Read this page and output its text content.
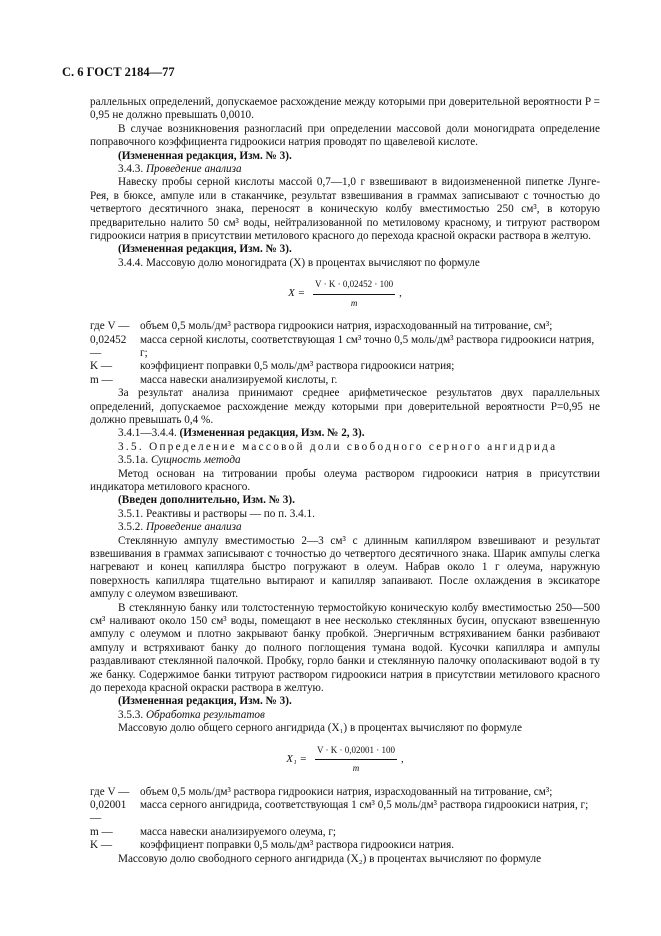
С. 6 ГОСТ 2184—77

раллельных определений, допускаемое расхождение между которыми при доверительной вероятности P = 0,95 не должно превышать 0,0010.

В случае возникновения разногласий при определении массовой доли моногидрата определение поправочного коэффициента гидроокиси натрия проводят по щавелевой кислоте.

(Измененная редакция, Изм. № 3).

3.4.3. Проведение анализа

Навеску пробы серной кислоты массой 0,7—1,0 г взвешивают в видоизмененной пипетке Лунге-Рея, в бюксе, ампуле или в стаканчике, результат взвешивания в граммах записывают с точностью до четвертого десятичного знака, переносят в коническую колбу вместимостью 250 см³, в которую предварительно налито 50 см³ воды, нейтрализованной по метиловому красному, и титруют раствором гидроокиси натрия в присутствии метилового красного до перехода красной окраски раствора в желтую.

(Измененная редакция, Изм. № 3).

3.4.4. Массовую долю моногидрата (X) в процентах вычисляют по формуле

$X = \frac{V \cdot K \cdot 0,02452 \cdot 100}{m}$ ,
где V — объем 0,5 моль/дм³ раствора гидроокиси натрия, израсходованный на титрование, см³;
0,02452 —
масса серной кислоты, соответствующая 1 см³ точно 0,5 моль/дм³ раствора гидроокиси натрия, г;
K —	коэффициент поправки 0,5 моль/дм³ раствора гидроокиси натрия;
m —	масса навески анализируемой кислоты, г.

За результат анализа принимают среднее арифметическое результатов двух параллельных определений, допускаемое расхождение между которыми при доверительной вероятности P=0,95 не должно превышать 0,4 %.

3.4.1—3.4.4. (Измененная редакция, Изм. № 2, 3).

3.5. Определение массовой доли свободного серного ангидрида

3.5.1а. Сущность метода

Метод основан на титровании пробы олеума раствором гидроокиси натрия в присутствии индикатора метилового красного.

(Введен дополнительно, Изм. № 3).

3.5.1. Реактивы и растворы — по п. 3.4.1.

3.5.2. Проведение анализа

Стеклянную ампулу вместимостью 2—3 см³ с длинным капилляром взвешивают и результат взвешивания в граммах записывают с точностью до четвертого десятичного знака. Шарик ампулы слегка нагревают и конец капилляра быстро погружают в олеум. Набрав около 1 г олеума, наружную поверхность капилляра тщательно вытирают и капилляр запаивают. После охлаждения в эксикаторе ампулу с олеумом взвешивают.

В стеклянную банку или толстостенную термостойкую коническую колбу вместимостью 250—500 см³ наливают около 150 см³ воды, помещают в нее несколько стеклянных бусин, опускают взвешенную ампулу с олеумом и плотно закрывают банку пробкой. Энергичным встряхиванием банки разбивают ампулу и встряхивают банку до полного поглощения тумана водой. Кусочки капилляра и ампулы раздавливают стеклянной палочкой. Пробку, горло банки и стеклянную палочку ополаскивают водой в ту же банку. Содержимое банки титруют раствором гидроокиси натрия в присутствии метилового красного до перехода красной окраски раствора в желтую.

(Измененная редакция, Изм. № 3).

3.5.3. Обработка результатов

Массовую долю общего серного ангидрида (X₁) в процентах вычисляют по формуле

$X_1 = \frac{V \cdot K \cdot 0,02001 \cdot 100}{m}$ ,
где V — объем 0,5 моль/дм³ раствора гидроокиси натрия, израсходованный на титрование, см³;
0,02001 —
масса серного ангидрида, соответствующая 1 см³ 0,5 моль/дм³ раствора гидроокиси натрия, г;
m —	масса навески анализируемого олеума, г;
K —	коэффициент поправки 0,5 моль/дм³ раствора гидроокиси натрия.

Массовую долю свободного серного ангидрида (X₂) в процентах вычисляют по формуле
